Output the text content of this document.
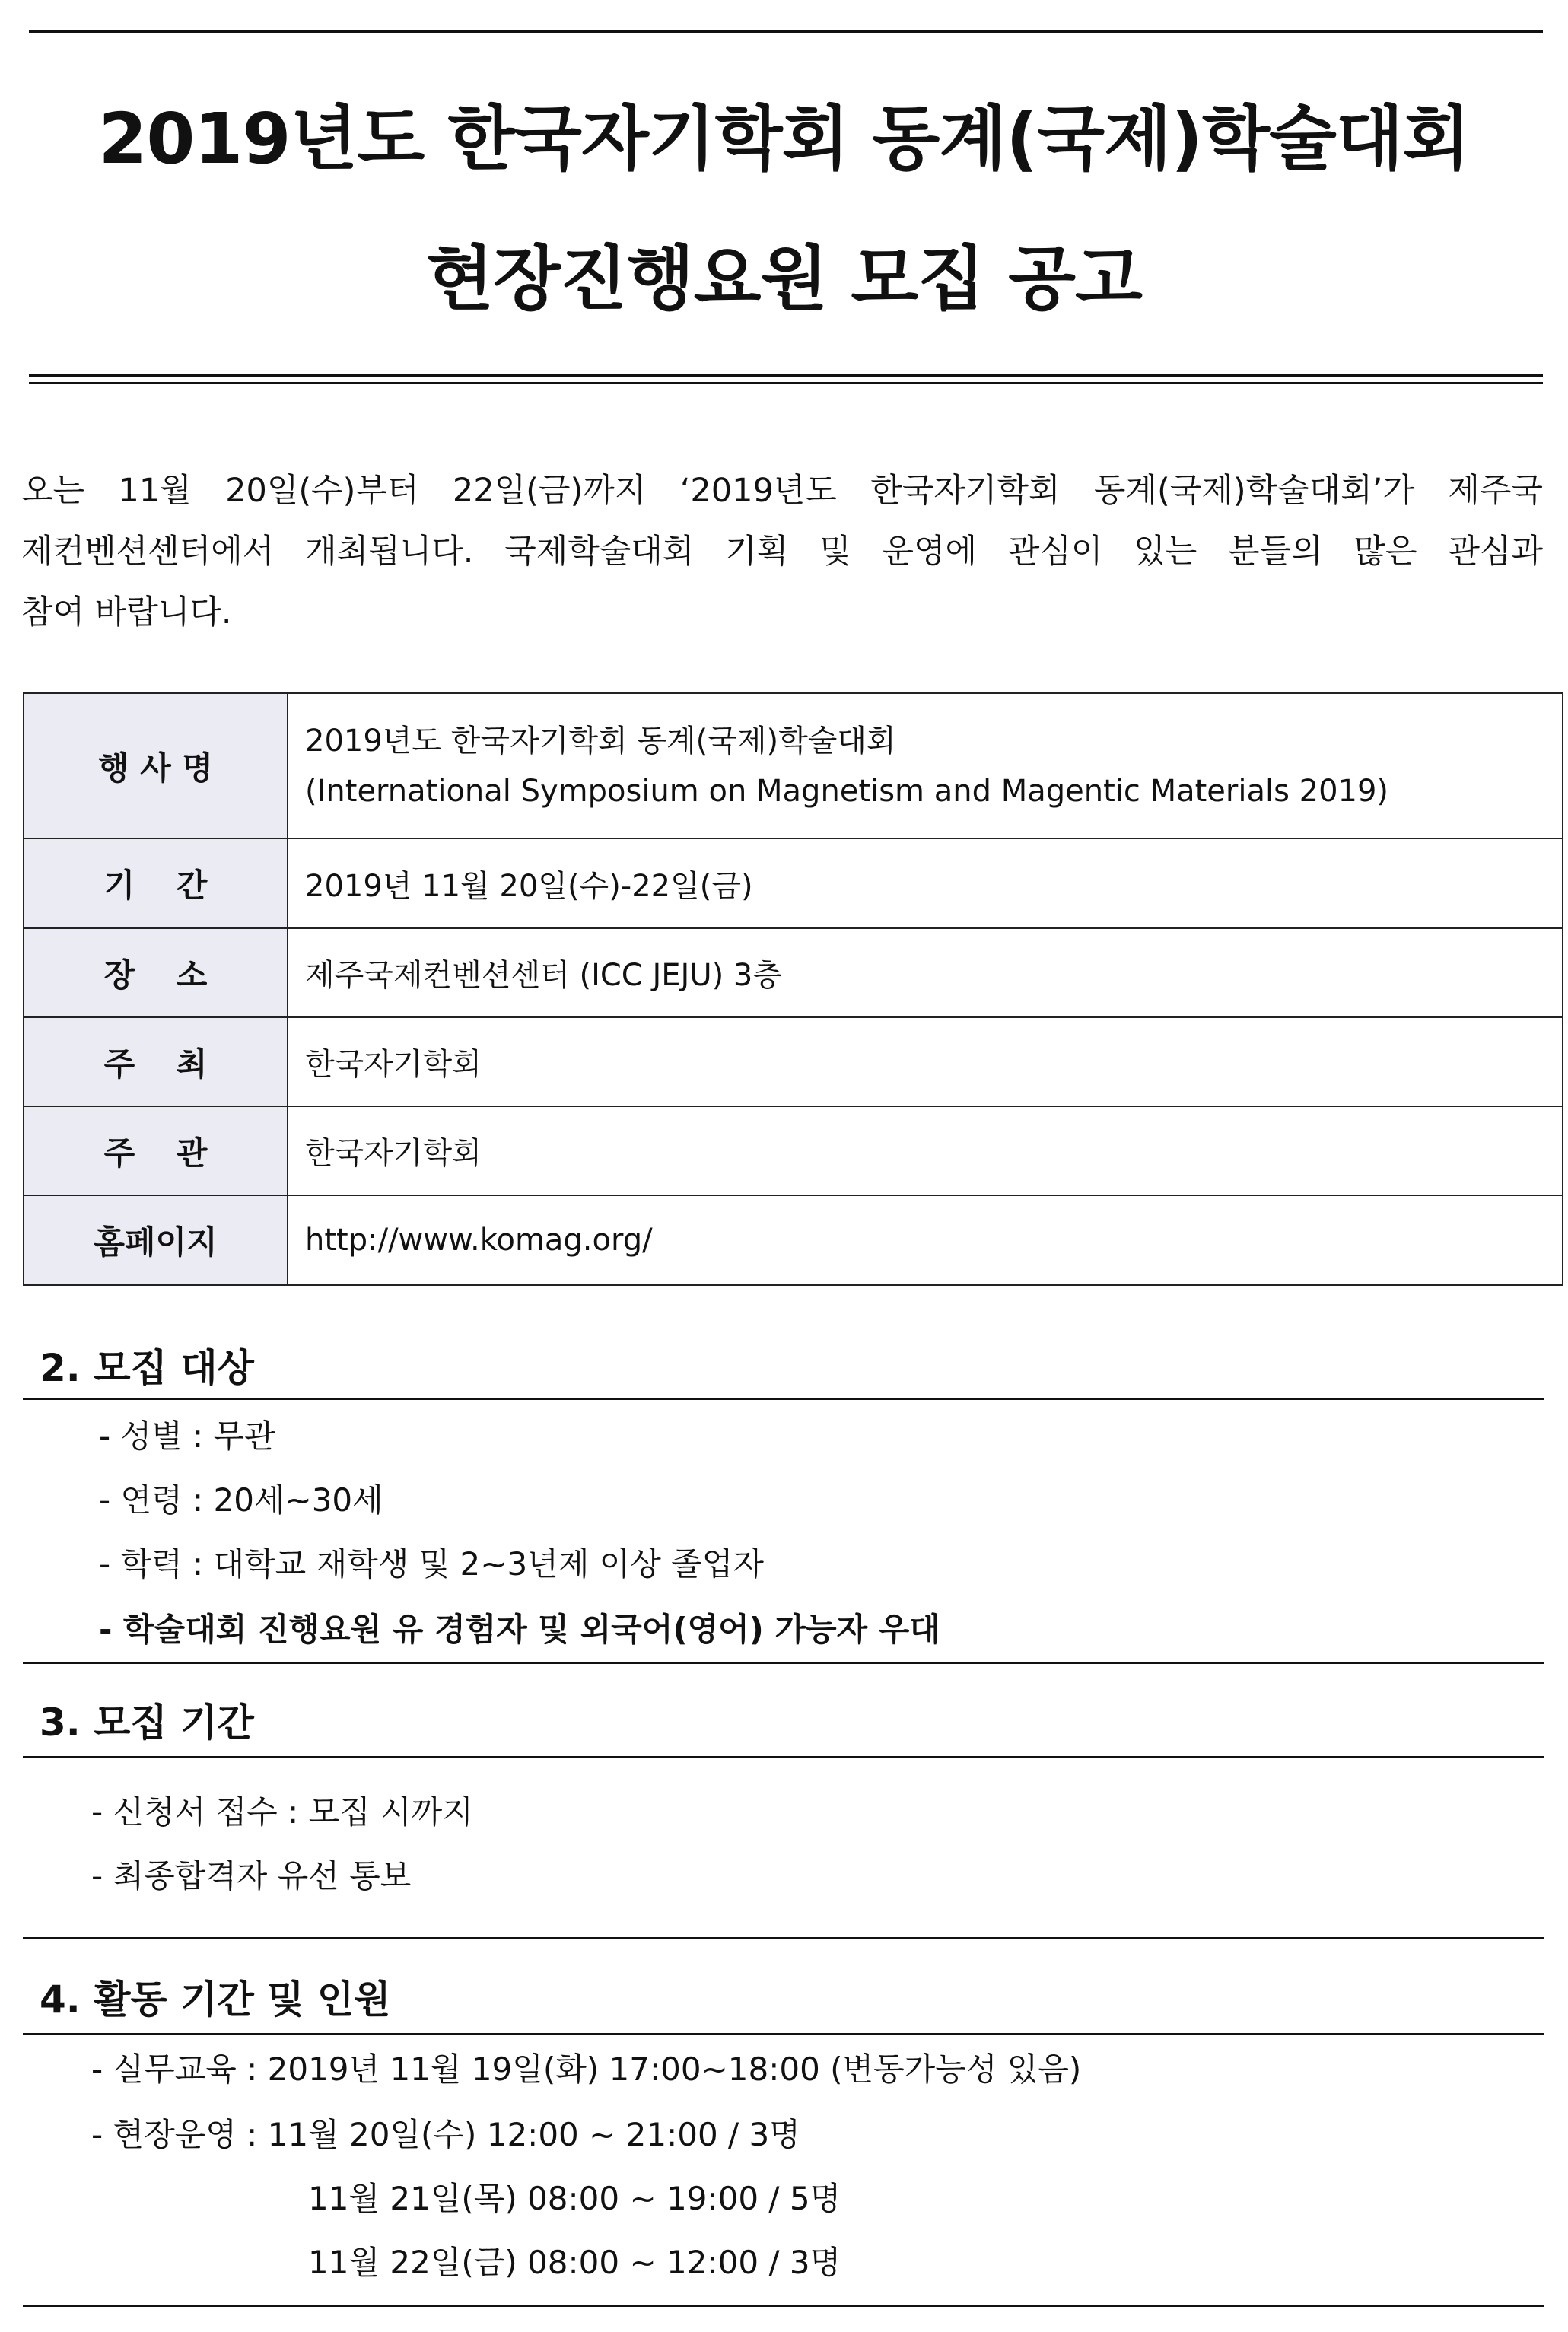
2019년도 한국자기학회 동계(국제)학술대회
현장진행요원 모집 공고
오는 11월 20일(수)부터 22일(금)까지 ‘2019년도 한국자기학회 동계(국제)학술대회’가 제주국
제컨벤션센터에서 개최됩니다. 국제학술대회 기획 및 운영에 관심이 있는 분들의 많은 관심과
참여 바랍니다.
행 사 명	2019년도 한국자기학회 동계(국제)학술대회
(International Symposium on Magnetism and Magentic Materials 2019)

기 간	2019년 11월 20일(수)-22일(금)
장 소	제주국제컨벤션센터 (ICC JEJU) 3층
주 최	한국자기학회
주 관	한국자기학회
홈페이지	http://www.komag.org/
2. 모집 대상
- 성별 : 무관
- 연령 : 20세~30세
- 학력 : 대학교 재학생 및 2~3년제 이상 졸업자
- 학술대회 진행요원 유 경험자 및 외국어(영어) 가능자 우대
3. 모집 기간
- 신청서 접수 : 모집 시까지
- 최종합격자 유선 통보
4. 활동 기간 및 인원
- 실무교육 : 2019년 11월 19일(화) 17:00~18:00 (변동가능성 있음)
- 현장운영 : 11월 20일(수) 12:00 ~ 21:00 / 3명
11월 21일(목) 08:00 ~ 19:00 / 5명
11월 22일(금) 08:00 ~ 12:00 / 3명
